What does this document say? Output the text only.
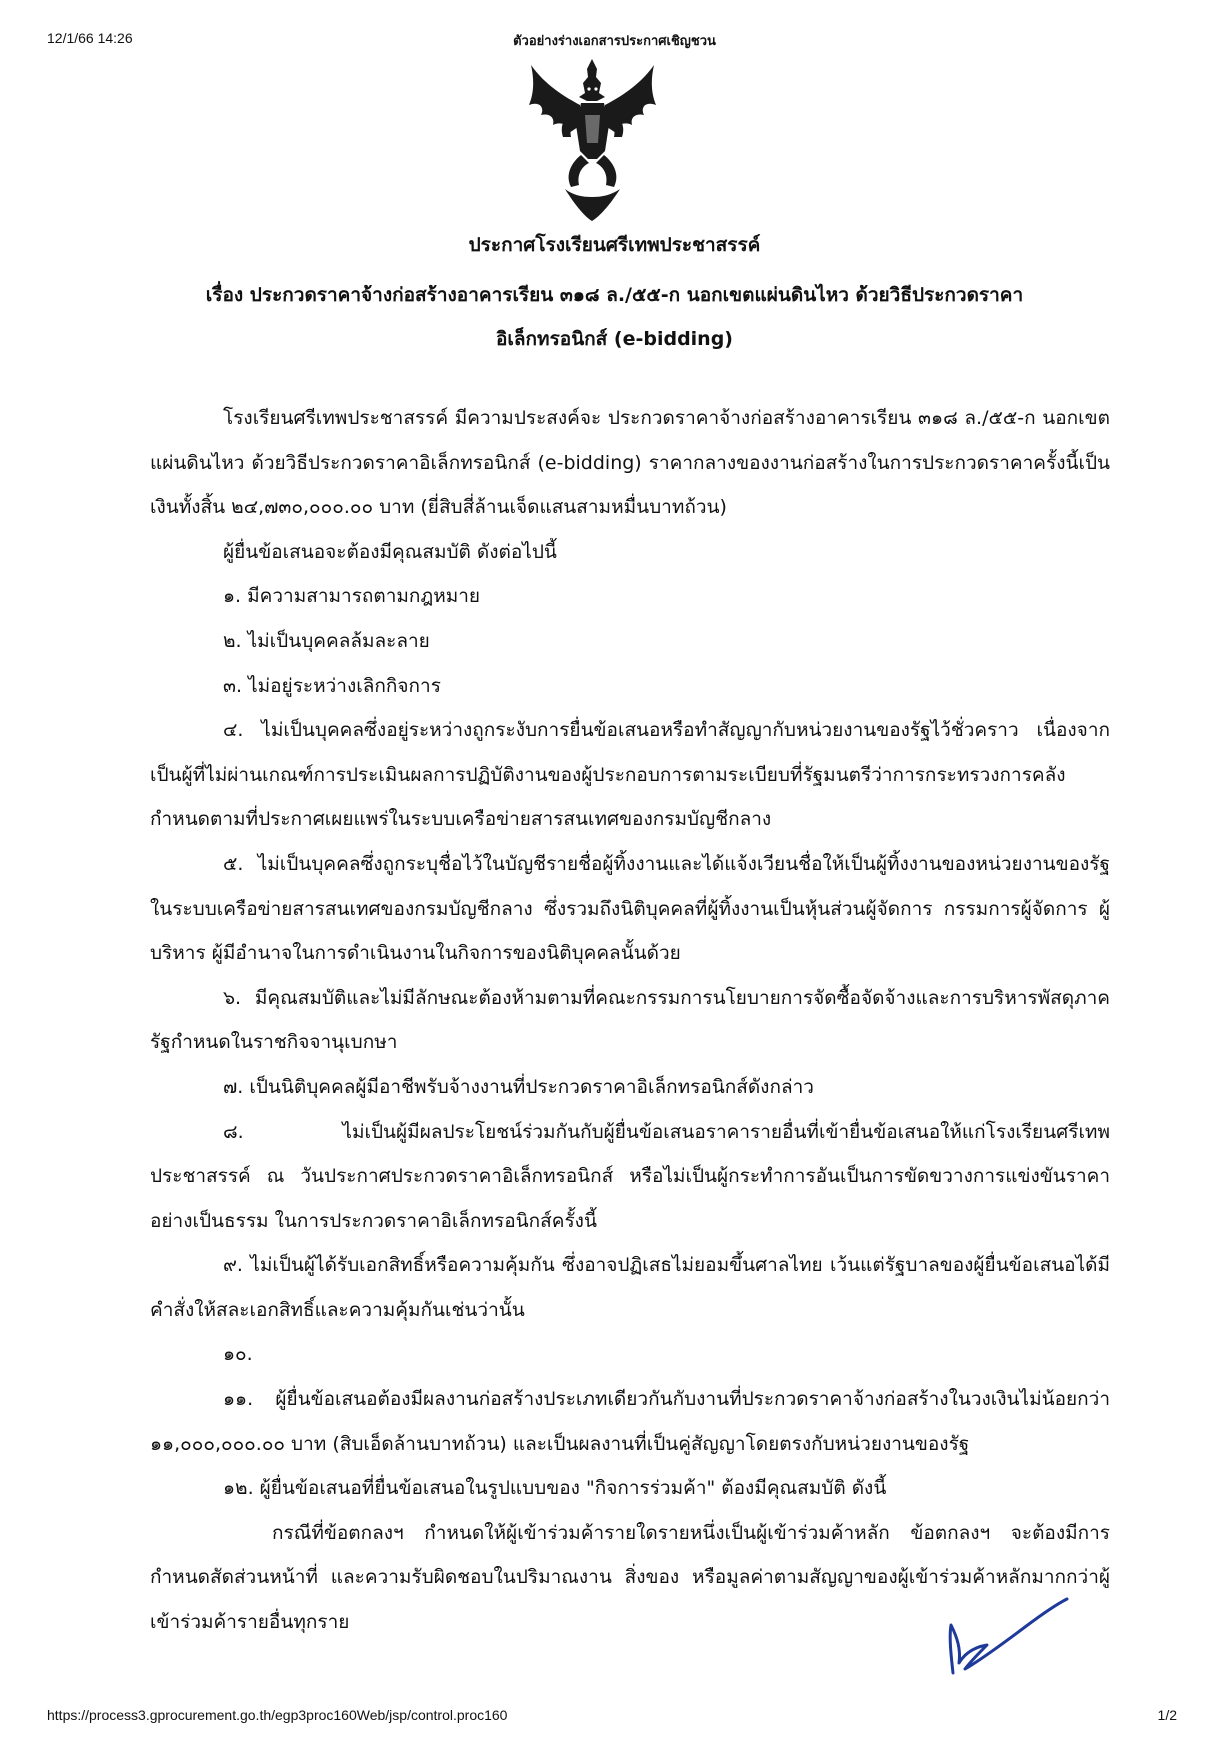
12/1/66 14:26	ตัวอย่างร่างเอกสารประกาศเชิญชวน
ประกาศโรงเรียนศรีเทพประชาสรรค์
เรื่อง ประกวดราคาจ้างก่อสร้างอาคารเรียน ๓๑๘ ล./๕๕-ก นอกเขตแผ่นดินไหว ด้วยวิธีประกวดราคา
อิเล็กทรอนิกส์ (e-bidding)

โรงเรียนศรีเทพประชาสรรค์ มีความประสงค์จะ ประกวดราคาจ้างก่อสร้างอาคารเรียน ๓๑๘ ล./๕๕-ก นอกเขตแผ่นดินไหว ด้วยวิธีประกวดราคาอิเล็กทรอนิกส์ (e-bidding) ราคากลางของงานก่อสร้างในการประกวดราคาครั้งนี้เป็นเงินทั้งสิ้น ๒๔,๗๓๐,๐๐๐.๐๐ บาท (ยี่สิบสี่ล้านเจ็ดแสนสามหมื่นบาทถ้วน)

ผู้ยื่นข้อเสนอจะต้องมีคุณสมบัติ ดังต่อไปนี้

๑. มีความสามารถตามกฎหมาย

๒. ไม่เป็นบุคคลล้มละลาย

๓. ไม่อยู่ระหว่างเลิกกิจการ

๔. ไม่เป็นบุคคลซึ่งอยู่ระหว่างถูกระงับการยื่นข้อเสนอหรือทำสัญญากับหน่วยงานของรัฐไว้ชั่วคราว เนื่องจากเป็นผู้ที่ไม่ผ่านเกณฑ์การประเมินผลการปฏิบัติงานของผู้ประกอบการตามระเบียบที่รัฐมนตรีว่าการกระทรวงการคลังกำหนดตามที่ประกาศเผยแพร่ในระบบเครือข่ายสารสนเทศของกรมบัญชีกลาง

๕. ไม่เป็นบุคคลซึ่งถูกระบุชื่อไว้ในบัญชีรายชื่อผู้ทิ้งงานและได้แจ้งเวียนชื่อให้เป็นผู้ทิ้งงานของหน่วยงานของรัฐในระบบเครือข่ายสารสนเทศของกรมบัญชีกลาง ซึ่งรวมถึงนิติบุคคลที่ผู้ทิ้งงานเป็นหุ้นส่วนผู้จัดการ กรรมการผู้จัดการ ผู้บริหาร ผู้มีอำนาจในการดำเนินงานในกิจการของนิติบุคคลนั้นด้วย

๖. มีคุณสมบัติและไม่มีลักษณะต้องห้ามตามที่คณะกรรมการนโยบายการจัดซื้อจัดจ้างและการบริหารพัสดุภาครัฐกำหนดในราชกิจจานุเบกษา

๗. เป็นนิติบุคคลผู้มีอาชีพรับจ้างงานที่ประกวดราคาอิเล็กทรอนิกส์ดังกล่าว

๘. ไม่เป็นผู้มีผลประโยชน์ร่วมกันกับผู้ยื่นข้อเสนอราคารายอื่นที่เข้ายื่นข้อเสนอให้แก่โรงเรียนศรีเทพประชาสรรค์ ณ วันประกาศประกวดราคาอิเล็กทรอนิกส์ หรือไม่เป็นผู้กระทำการอันเป็นการขัดขวางการแข่งขันราคาอย่างเป็นธรรม ในการประกวดราคาอิเล็กทรอนิกส์ครั้งนี้

๙. ไม่เป็นผู้ได้รับเอกสิทธิ์หรือความคุ้มกัน ซึ่งอาจปฏิเสธไม่ยอมขึ้นศาลไทย เว้นแต่รัฐบาลของผู้ยื่นข้อเสนอได้มีคำสั่งให้สละเอกสิทธิ์และความคุ้มกันเช่นว่านั้น

๑๐.

๑๑. ผู้ยื่นข้อเสนอต้องมีผลงานก่อสร้างประเภทเดียวกันกับงานที่ประกวดราคาจ้างก่อสร้างในวงเงินไม่น้อยกว่า ๑๑,๐๐๐,๐๐๐.๐๐ บาท (สิบเอ็ดล้านบาทถ้วน) และเป็นผลงานที่เป็นคู่สัญญาโดยตรงกับหน่วยงานของรัฐ

๑๒. ผู้ยื่นข้อเสนอที่ยื่นข้อเสนอในรูปแบบของ "กิจการร่วมค้า" ต้องมีคุณสมบัติ ดังนี้

กรณีที่ข้อตกลงฯ กำหนดให้ผู้เข้าร่วมค้ารายใดรายหนึ่งเป็นผู้เข้าร่วมค้าหลัก ข้อตกลงฯ จะต้องมีการกำหนดสัดส่วนหน้าที่ และความรับผิดชอบในปริมาณงาน สิ่งของ หรือมูลค่าตามสัญญาของผู้เข้าร่วมค้าหลักมากกว่าผู้เข้าร่วมค้ารายอื่นทุกราย

https://process3.gprocurement.go.th/egp3proc160Web/jsp/control.proc160	1/2
